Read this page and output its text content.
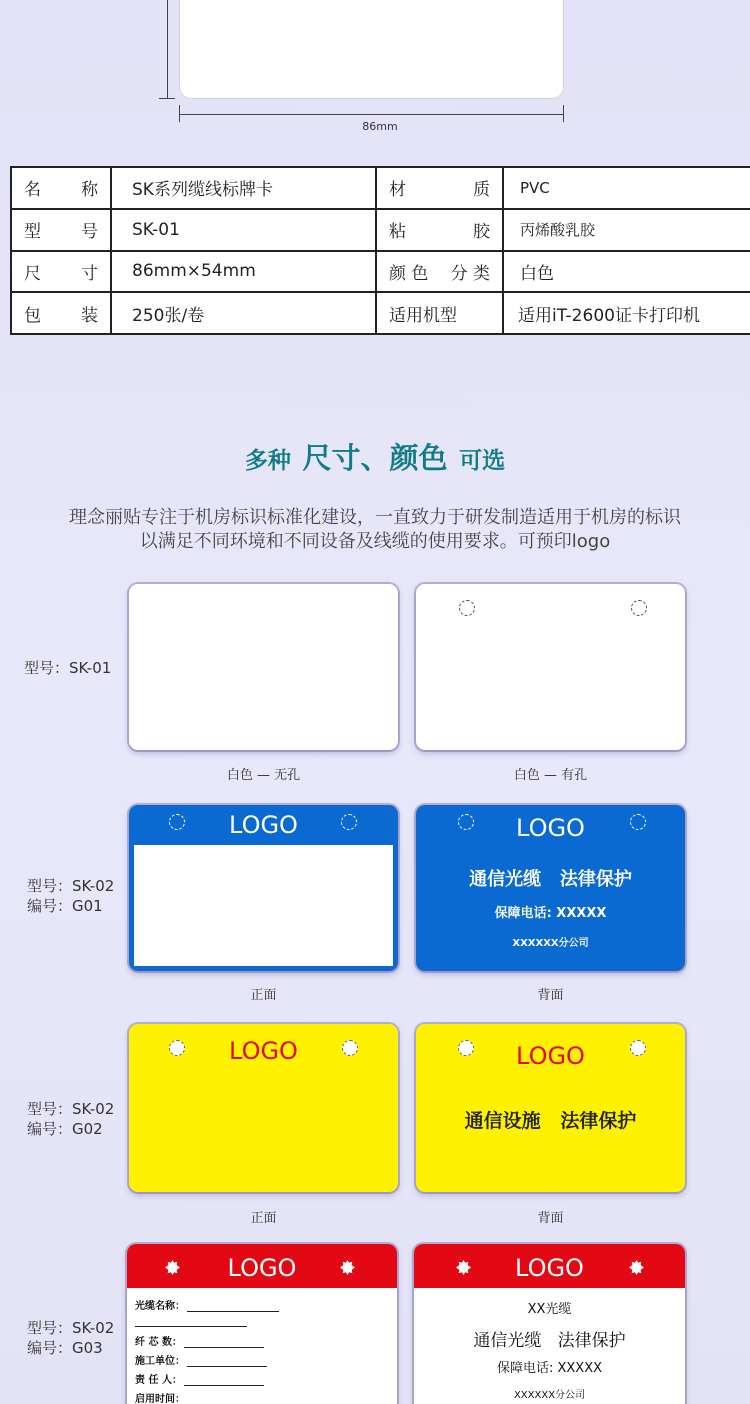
86mm
名 称	SK系列缆线标牌卡	材 质	PVC

型 号	SK-01	粘 胶	丙烯酸乳胶

尺 寸	86mm×54mm	颜 色 分 类	白色

包 装	250张/卷	适用机型	适用iT-2600证卡打印机
多种 尺寸、颜色 可选
理念丽贴专注于机房标识标准化建设，一直致力于研发制造适用于机房的标识
以满足不同环境和不同设备及线缆的使用要求。可预印logo
型号：SK-01
白色 — 无孔	白色 — 有孔
型号：SK-02
编号：G01
LOGO	LOGO
通信光缆   法律保护
保障电话: XXXXX
XXXXXX分公司
正面	背面
型号：SK-02
编号：G02
LOGO	LOGO
通信设施   法律保护
正面	背面
型号：SK-02
编号：G03
LOGO
光缆名称：
纤 芯 数：
施工单位：
责 任 人：
启用时间：
LOGO
XX光缆
通信光缆   法律保护
保障电话: XXXXX
XXXXXX分公司
